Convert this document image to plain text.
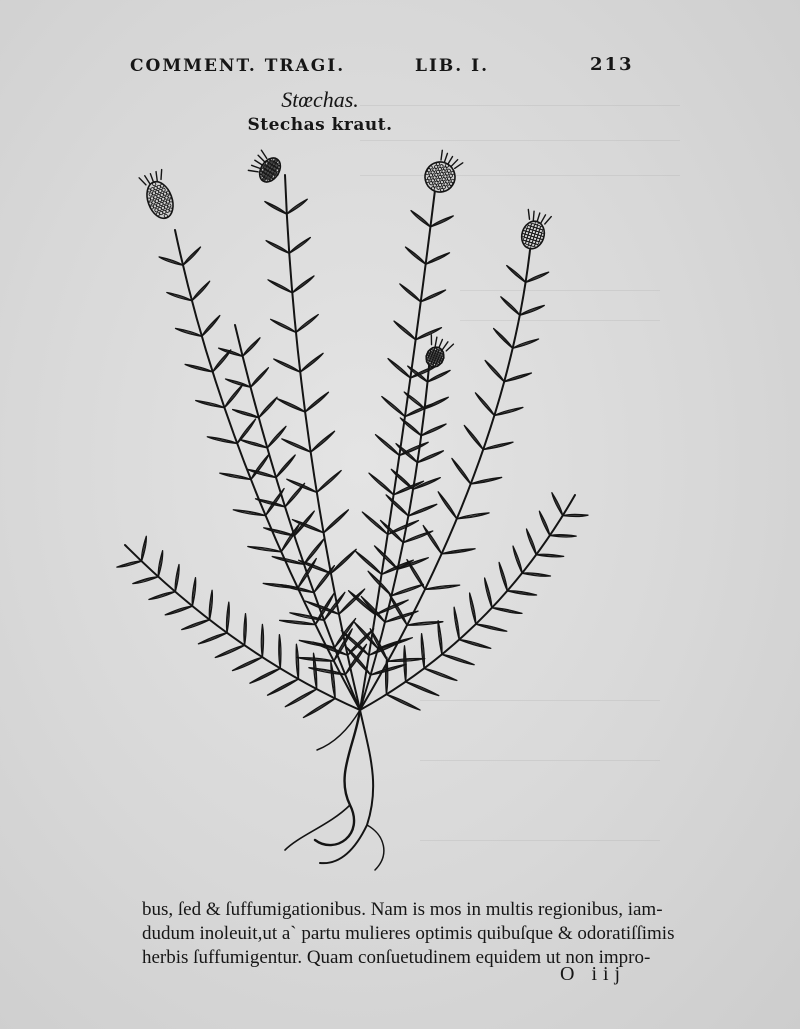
COMMENT. TRAGI.	LIB. I.	213
Stœchas.
Stechas kraut.
bus, ſed & ſuffumigationibus. Nam is mos in multis regionibus, iam-
dudum inoleuit,ut a` partu mulieres optimis quibuſque & odoratiſſimis
herbis ſuffumigentur. Quam conſuetudinem equidem ut non impro-
O iij
